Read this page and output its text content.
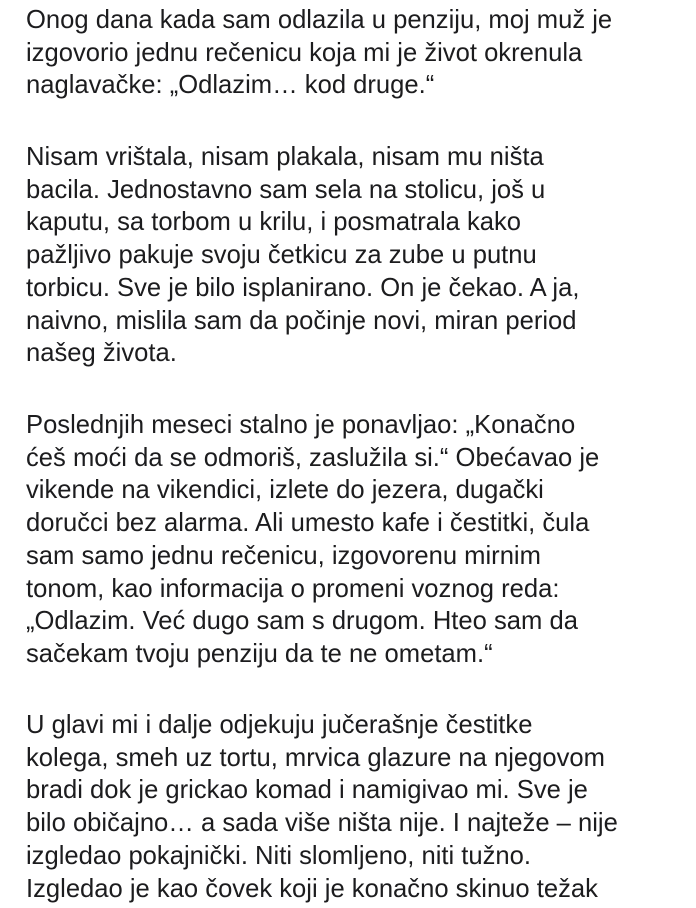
Onog dana kada sam odlazila u penziju, moj muž je
izgovorio jednu rečenicu koja mi je život okrenula
naglavačke: „Odlazim… kod druge.“
Nisam vrištala, nisam plakala, nisam mu ništa
bacila. Jednostavno sam sela na stolicu, još u
kaputu, sa torbom u krilu, i posmatrala kako
pažljivo pakuje svoju četkicu za zube u putnu
torbicu. Sve je bilo isplanirano. On je čekao. A ja,
naivno, mislila sam da počinje novi, miran period
našeg života.
Poslednjih meseci stalno je ponavljao: „Konačno
ćeš moći da se odmoriš, zaslužila si.“ Obećavao je
vikende na vikendici, izlete do jezera, dugački
doručci bez alarma. Ali umesto kafe i čestitki, čula
sam samo jednu rečenicu, izgovorenu mirnim
tonom, kao informacija o promeni voznog reda:
„Odlazim. Već dugo sam s drugom. Hteo sam da
sačekam tvoju penziju da te ne ometam.“
U glavi mi i dalje odjekuju jučerašnje čestitke
kolega, smeh uz tortu, mrvica glazure na njegovom
bradi dok je grickao komad i namigivao mi. Sve je
bilo običajno… a sada više ništa nije. I najteže – nije
izgledao pokajnički. Niti slomljeno, niti tužno.
Izgledao je kao čovek koji je konačno skinuo težak
